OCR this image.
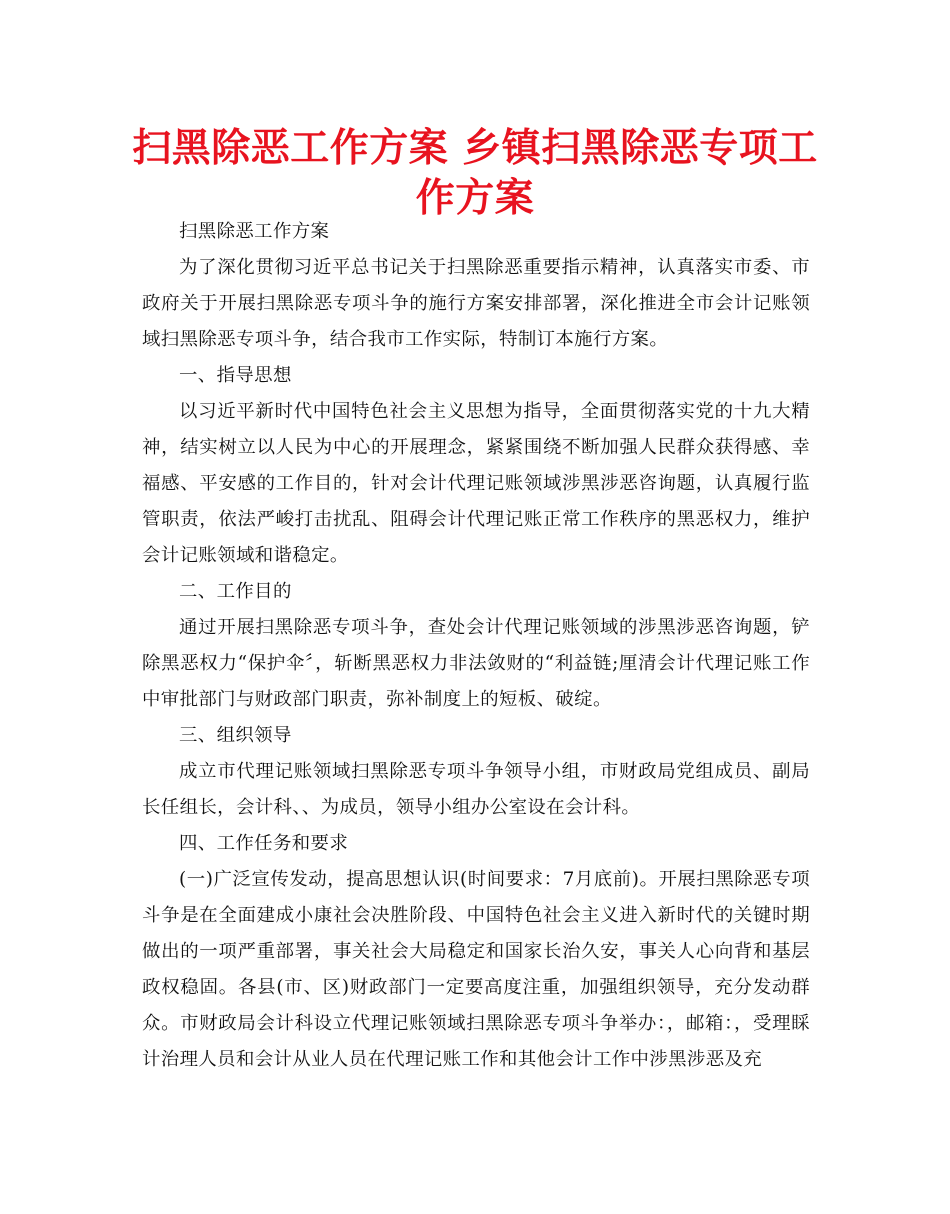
扫黑除恶工作方案 乡镇扫黑除恶专项工作方案

扫黑除恶工作方案

为了深化贯彻习近平总书记关于扫黑除恶重要指示精神，认真落实市委、市政府关于开展扫黑除恶专项斗争的施行方案安排部署，深化推进全市会计记账领域扫黑除恶专项斗争，结合我市工作实际，特制订本施行方案。

一、指导思想

以习近平新时代中国特色社会主义思想为指导，全面贯彻落实党的十九大精神，结实树立以人民为中心的开展理念，紧紧围绕不断加强人民群众获得感、幸福感、平安感的工作目的，针对会计代理记账领域涉黑涉恶咨询题，认真履行监管职责，依法严峻打击扰乱、阻碍会计代理记账正常工作秩序的黑恶权力，维护会计记账领域和谐稳定。

二、工作目的

通过开展扫黑除恶专项斗争，查处会计代理记账领域的涉黑涉恶咨询题，铲除黑恶权力“保护伞〞，斩断黑恶权力非法敛财的“利益链;厘清会计代理记账工作中审批部门与财政部门职责，弥补制度上的短板、破绽。

三、组织领导

成立市代理记账领域扫黑除恶专项斗争领导小组，市财政局党组成员、副局长任组长，会计科、、为成员，领导小组办公室设在会计科。

四、工作任务和要求

(一)广泛宣传发动，提高思想认识(时间要求：7月底前)。开展扫黑除恶专项斗争是在全面建成小康社会决胜阶段、中国特色社会主义进入新时代的关键时期做出的一项严重部署，事关社会大局稳定和国家长治久安，事关人心向背和基层政权稳固。各县(市、区)财政部门一定要高度注重，加强组织领导，充分发动群众。市财政局会计科设立代理记账领域扫黑除恶专项斗争举办：，邮箱：，受理睬计治理人员和会计从业人员在代理记账工作和其他会计工作中涉黑涉恶及充
